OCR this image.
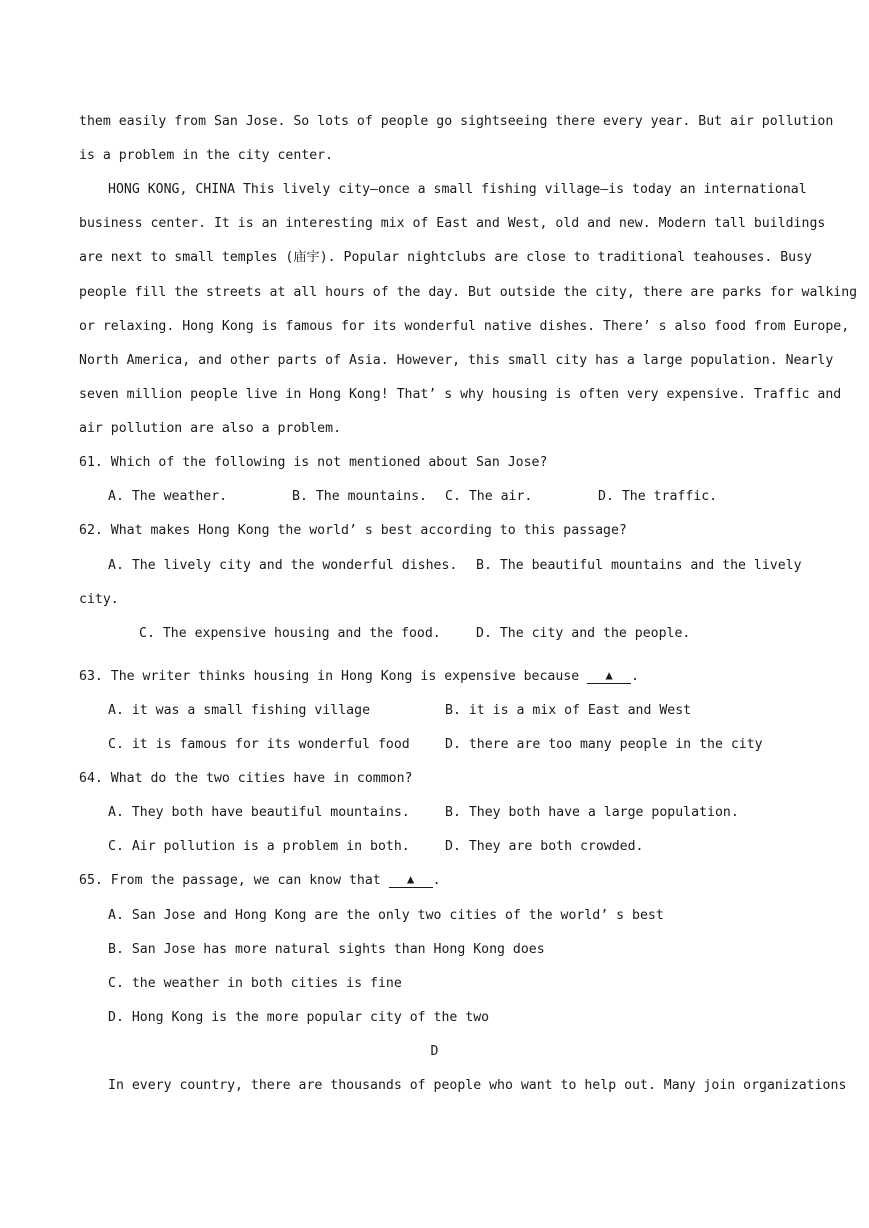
them easily from San Jose. So lots of people go sightseeing there every year. But air pollution
is a problem in the city center.
HONG KONG, CHINA This lively city—once a small fishing village—is today an international
business center. It is an interesting mix of East and West, old and new. Modern tall buildings
are next to small temples (庙宇). Popular nightclubs are close to traditional teahouses. Busy
people fill the streets at all hours of the day. But outside the city, there are parks for walking
or relaxing. Hong Kong is famous for its wonderful native dishes. There’ s also food from Europe,
North America, and other parts of Asia. However, this small city has a large population. Nearly
seven million people live in Hong Kong! That’ s why housing is often very expensive. Traffic and
air pollution are also a problem.
61. Which of the following is not mentioned about San Jose?
A. The weather.	B. The mountains. C. The air.	D. The traffic.
62. What makes Hong Kong the world’ s best according to this passage?
A. The lively city and the wonderful dishes. B. The beautiful mountains and the lively
city.
C. The expensive housing and the food.	D. The city and the people.
63. The writer thinks housing in Hong Kong is expensive because ▲ .
A. it was a small fishing village	B. it is a mix of East and West
C. it is famous for its wonderful food	D. there are too many people in the city
64. What do the two cities have in common?
A. They both have beautiful mountains.	B. They both have a large population.
C. Air pollution is a problem in both.	D. They are both crowded.
65. From the passage, we can know that ▲ .
A. San Jose and Hong Kong are the only two cities of the world’ s best
B. San Jose has more natural sights than Hong Kong does
C. the weather in both cities is fine
D. Hong Kong is the more popular city of the two
D
In every country, there are thousands of people who want to help out. Many join organizations
